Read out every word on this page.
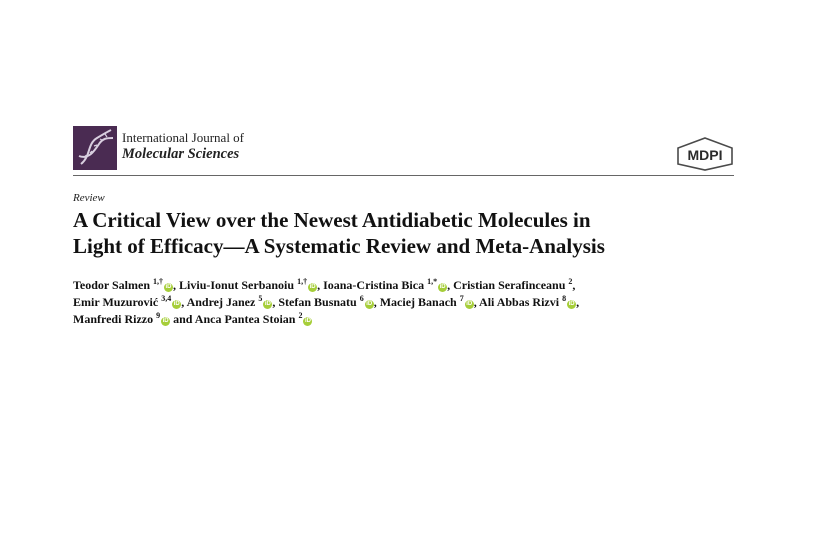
International Journal of
Molecular Sciences	MDPI
Review
A Critical View over the Newest Antidiabetic Molecules in
Light of Efficacy—A Systematic Review and Meta-Analysis
Teodor Salmen $^{1,\dagger}$iD , Liviu-Ionut Serbanoiu $^{1,\dagger}$iD , Ioana-Cristina Bica $^{1,*}$iD , Cristian Serafinceanu $^2$,
Emir Muzurović $^{3,4}$iD , Andrej Janez $^5$iD , Stefan Busnatu $^6$iD , Maciej Banach $^7$iD , Ali Abbas Rizvi $^8$iD ,
Manfredi Rizzo $^9$iD and Anca Pantea Stoian $^2$iD
